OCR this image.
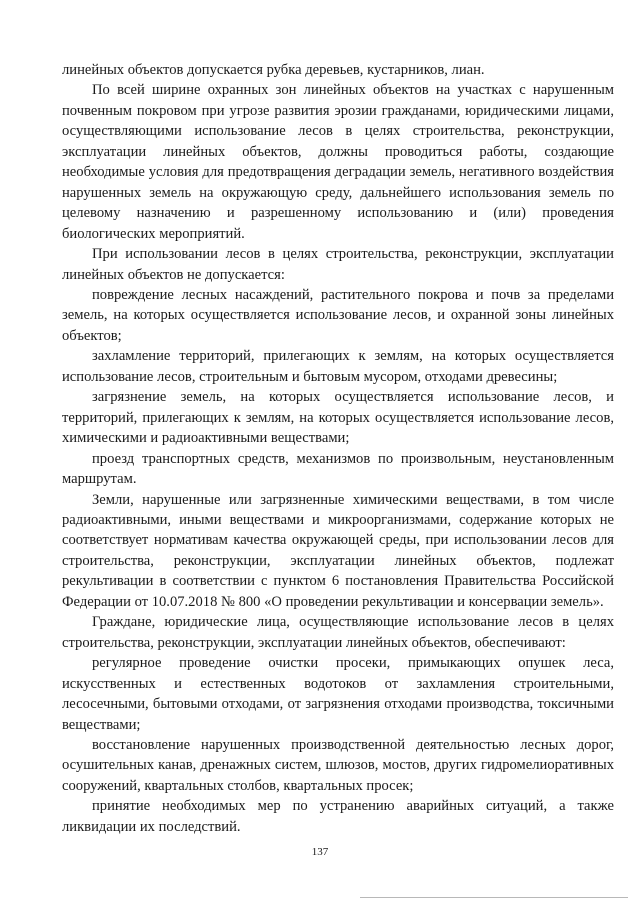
линейных объектов допускается рубка деревьев, кустарников, лиан.

По всей ширине охранных зон линейных объектов на участках с нарушенным почвенным покровом при угрозе развития эрозии гражданами, юридическими лицами, осуществляющими использование лесов в целях строительства, реконструкции, эксплуатации линейных объектов, должны проводиться работы, создающие необходимые условия для предотвращения деградации земель, негативного воздействия нарушенных земель на окружающую среду, дальнейшего использования земель по целевому назначению и разрешенному использованию и (или) проведения биологических мероприятий.

При использовании лесов в целях строительства, реконструкции, эксплуатации линейных объектов не допускается:

повреждение лесных насаждений, растительного покрова и почв за пределами земель, на которых осуществляется использование лесов, и охранной зоны линейных объектов;

захламление территорий, прилегающих к землям, на которых осуществляется использование лесов, строительным и бытовым мусором, отходами древесины;

загрязнение земель, на которых осуществляется использование лесов, и территорий, прилегающих к землям, на которых осуществляется использование лесов, химическими и радиоактивными веществами;

проезд транспортных средств, механизмов по произвольным, неустановленным маршрутам.

Земли, нарушенные или загрязненные химическими веществами, в том числе радиоактивными, иными веществами и микроорганизмами, содержание которых не соответствует нормативам качества окружающей среды, при использовании лесов для строительства, реконструкции, эксплуатации линейных объектов, подлежат рекультивации в соответствии с пунктом 6 постановления Правительства Российской Федерации от 10.07.2018 № 800 «О проведении рекультивации и консервации земель».

Граждане, юридические лица, осуществляющие использование лесов в целях строительства, реконструкции, эксплуатации линейных объектов, обеспечивают:

регулярное проведение очистки просеки, примыкающих опушек леса, искусственных и естественных водотоков от захламления строительными, лесосечными, бытовыми отходами, от загрязнения отходами производства, токсичными веществами;

восстановление нарушенных производственной деятельностью лесных дорог, осушительных канав, дренажных систем, шлюзов, мостов, других гидромелиоративных сооружений, квартальных столбов, квартальных просек;

принятие необходимых мер по устранению аварийных ситуаций, а также ликвидации их последствий.

137
